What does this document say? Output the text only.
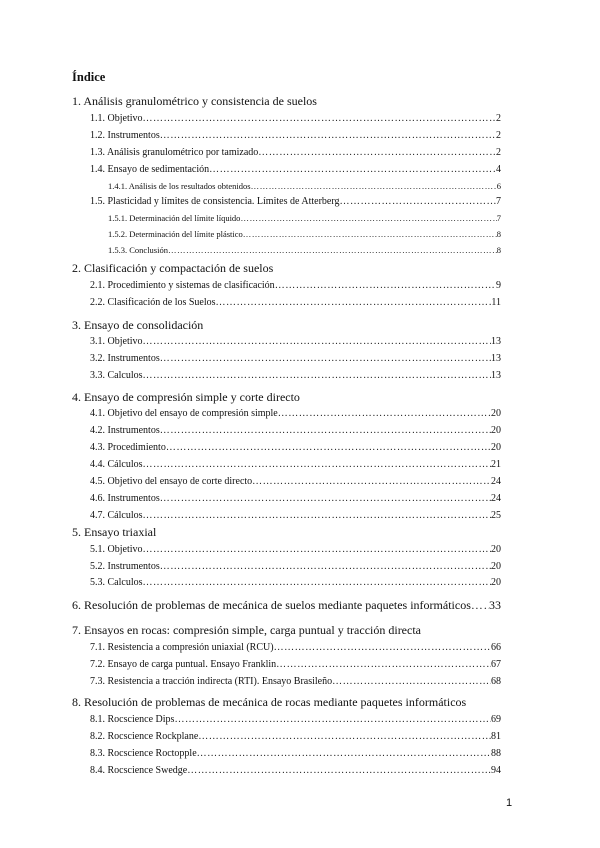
Índice
1. Análisis granulométrico y consistencia de suelos
1.1. Objetivo …………………………………………………………………………………………………………………………………………………………………………………………………………	2
1.2. Instrumentos …………………………………………………………………………………………………………………………………………………………………………………………………………	2
1.3. Análisis granulométrico por tamizado …………………………………………………………………………………………………………………………………………………………………………………………………………	2
1.4. Ensayo de sedimentación …………………………………………………………………………………………………………………………………………………………………………………………………………	4
1.4.1. Análisis de los resultados obtenidos …………………………………………………………………………………………………………………………………………………………………………………………………………	6
1.5. Plasticidad y límites de consistencia. Límites de Atterberg …………………………………………………………………………………………………………………………………………………………………………………………………………	7
1.5.1. Determinación del límite líquido …………………………………………………………………………………………………………………………………………………………………………………………………………	7
1.5.2. Determinación del límite plástico …………………………………………………………………………………………………………………………………………………………………………………………………………	8
1.5.3. Conclusión …………………………………………………………………………………………………………………………………………………………………………………………………………	8
2. Clasificación y compactación de suelos
2.1. Procedimiento y sistemas de clasificación …………………………………………………………………………………………………………………………………………………………………………………………………………	9
2.2. Clasificación de los Suelos …………………………………………………………………………………………………………………………………………………………………………………………………………	11
3. Ensayo de consolidación
3.1. Objetivo …………………………………………………………………………………………………………………………………………………………………………………………………………	13
3.2. Instrumentos …………………………………………………………………………………………………………………………………………………………………………………………………………	13
3.3. Calculos …………………………………………………………………………………………………………………………………………………………………………………………………………	13
4. Ensayo de compresión simple y corte directo
4.1. Objetivo del ensayo de compresión simple …………………………………………………………………………………………………………………………………………………………………………………………………………	20
4.2. Instrumentos …………………………………………………………………………………………………………………………………………………………………………………………………………	20
4.3. Procedimiento …………………………………………………………………………………………………………………………………………………………………………………………………………	20
4.4. Cálculos …………………………………………………………………………………………………………………………………………………………………………………………………………	21
4.5. Objetivo del ensayo de corte directo …………………………………………………………………………………………………………………………………………………………………………………………………………	24
4.6. Instrumentos …………………………………………………………………………………………………………………………………………………………………………………………………………	24
4.7. Cálculos …………………………………………………………………………………………………………………………………………………………………………………………………………	25
5. Ensayo triaxial
5.1. Objetivo …………………………………………………………………………………………………………………………………………………………………………………………………………	20
5.2. Instrumentos …………………………………………………………………………………………………………………………………………………………………………………………………………	20
5.3. Calculos …………………………………………………………………………………………………………………………………………………………………………………………………………	20
6. Resolución de problemas de mecánica de suelos mediante paquetes informáticos ………………………………………………………………………………………………………………………………………………………………………………………………………… 33
7. Ensayos en rocas: compresión simple, carga puntual y tracción directa
7.1. Resistencia a compresión uniaxial (RCU) …………………………………………………………………………………………………………………………………………………………………………………………………………	66
7.2. Ensayo de carga puntual. Ensayo Franklin …………………………………………………………………………………………………………………………………………………………………………………………………………	67
7.3. Resistencia a tracción indirecta (RTI). Ensayo Brasileño …………………………………………………………………………………………………………………………………………………………………………………………………………	68
8. Resolución de problemas de mecánica de rocas mediante paquetes informáticos
8.1. Rocscience Dips …………………………………………………………………………………………………………………………………………………………………………………………………………	69
8.2. Rocscience Rockplane …………………………………………………………………………………………………………………………………………………………………………………………………………	81
8.3. Rocscience Roctopple …………………………………………………………………………………………………………………………………………………………………………………………………………	88
8.4. Rocscience Swedge …………………………………………………………………………………………………………………………………………………………………………………………………………	94
1
